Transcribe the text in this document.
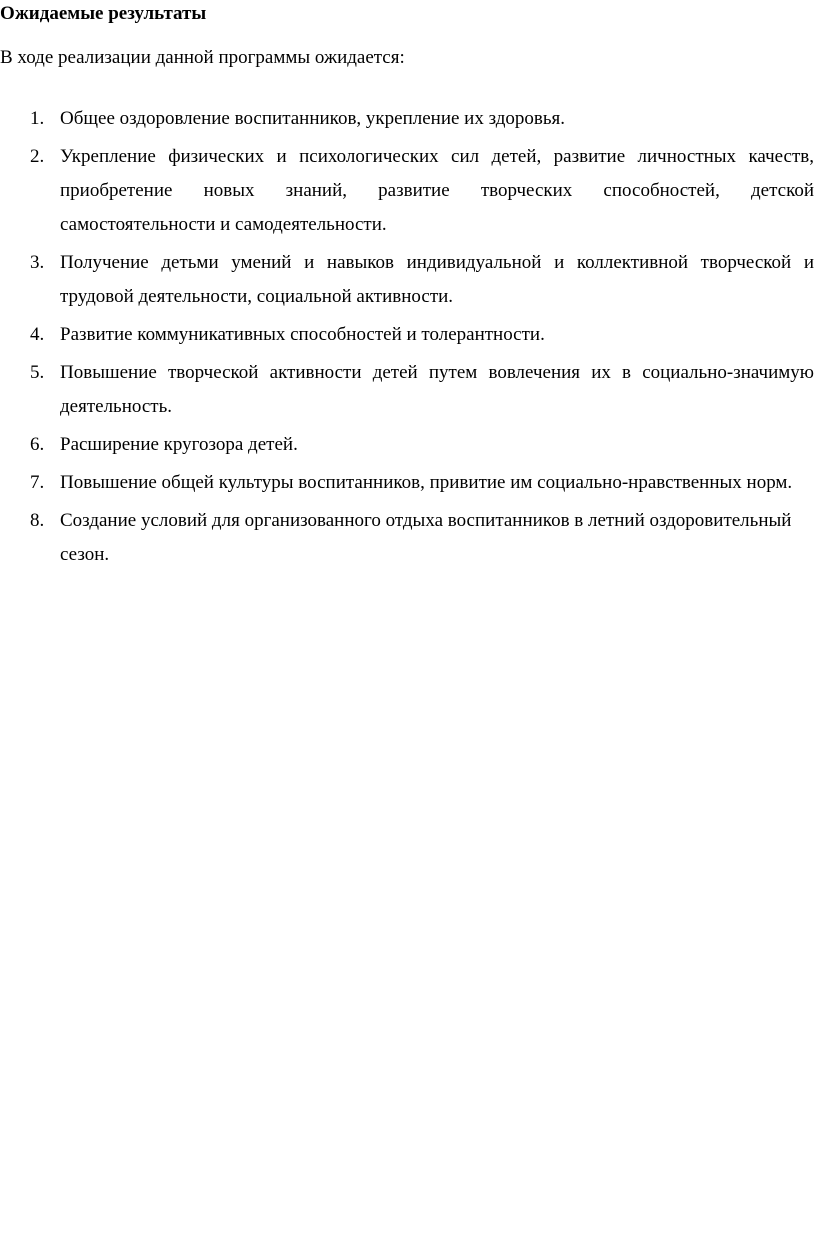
Ожидаемые результаты
В ходе реализации данной программы ожидается:
1. Общее оздоровление воспитанников, укрепление их здоровья.
2. Укрепление физических и психологических сил детей, развитие личностных качеств, приобретение новых знаний, развитие творческих способностей, детской самостоятельности и самодеятельности.
3. Получение детьми умений и навыков индивидуальной и коллективной творческой и трудовой деятельности, социальной активности.
4. Развитие коммуникативных способностей и толерантности.
5. Повышение творческой активности детей путем вовлечения их в социально-значимую деятельность.
6. Расширение кругозора детей.
7. Повышение общей культуры воспитанников, привитие им социально-нравственных норм.
8. Создание условий для организованного отдыха воспитанников в летний оздоровительный сезон.
